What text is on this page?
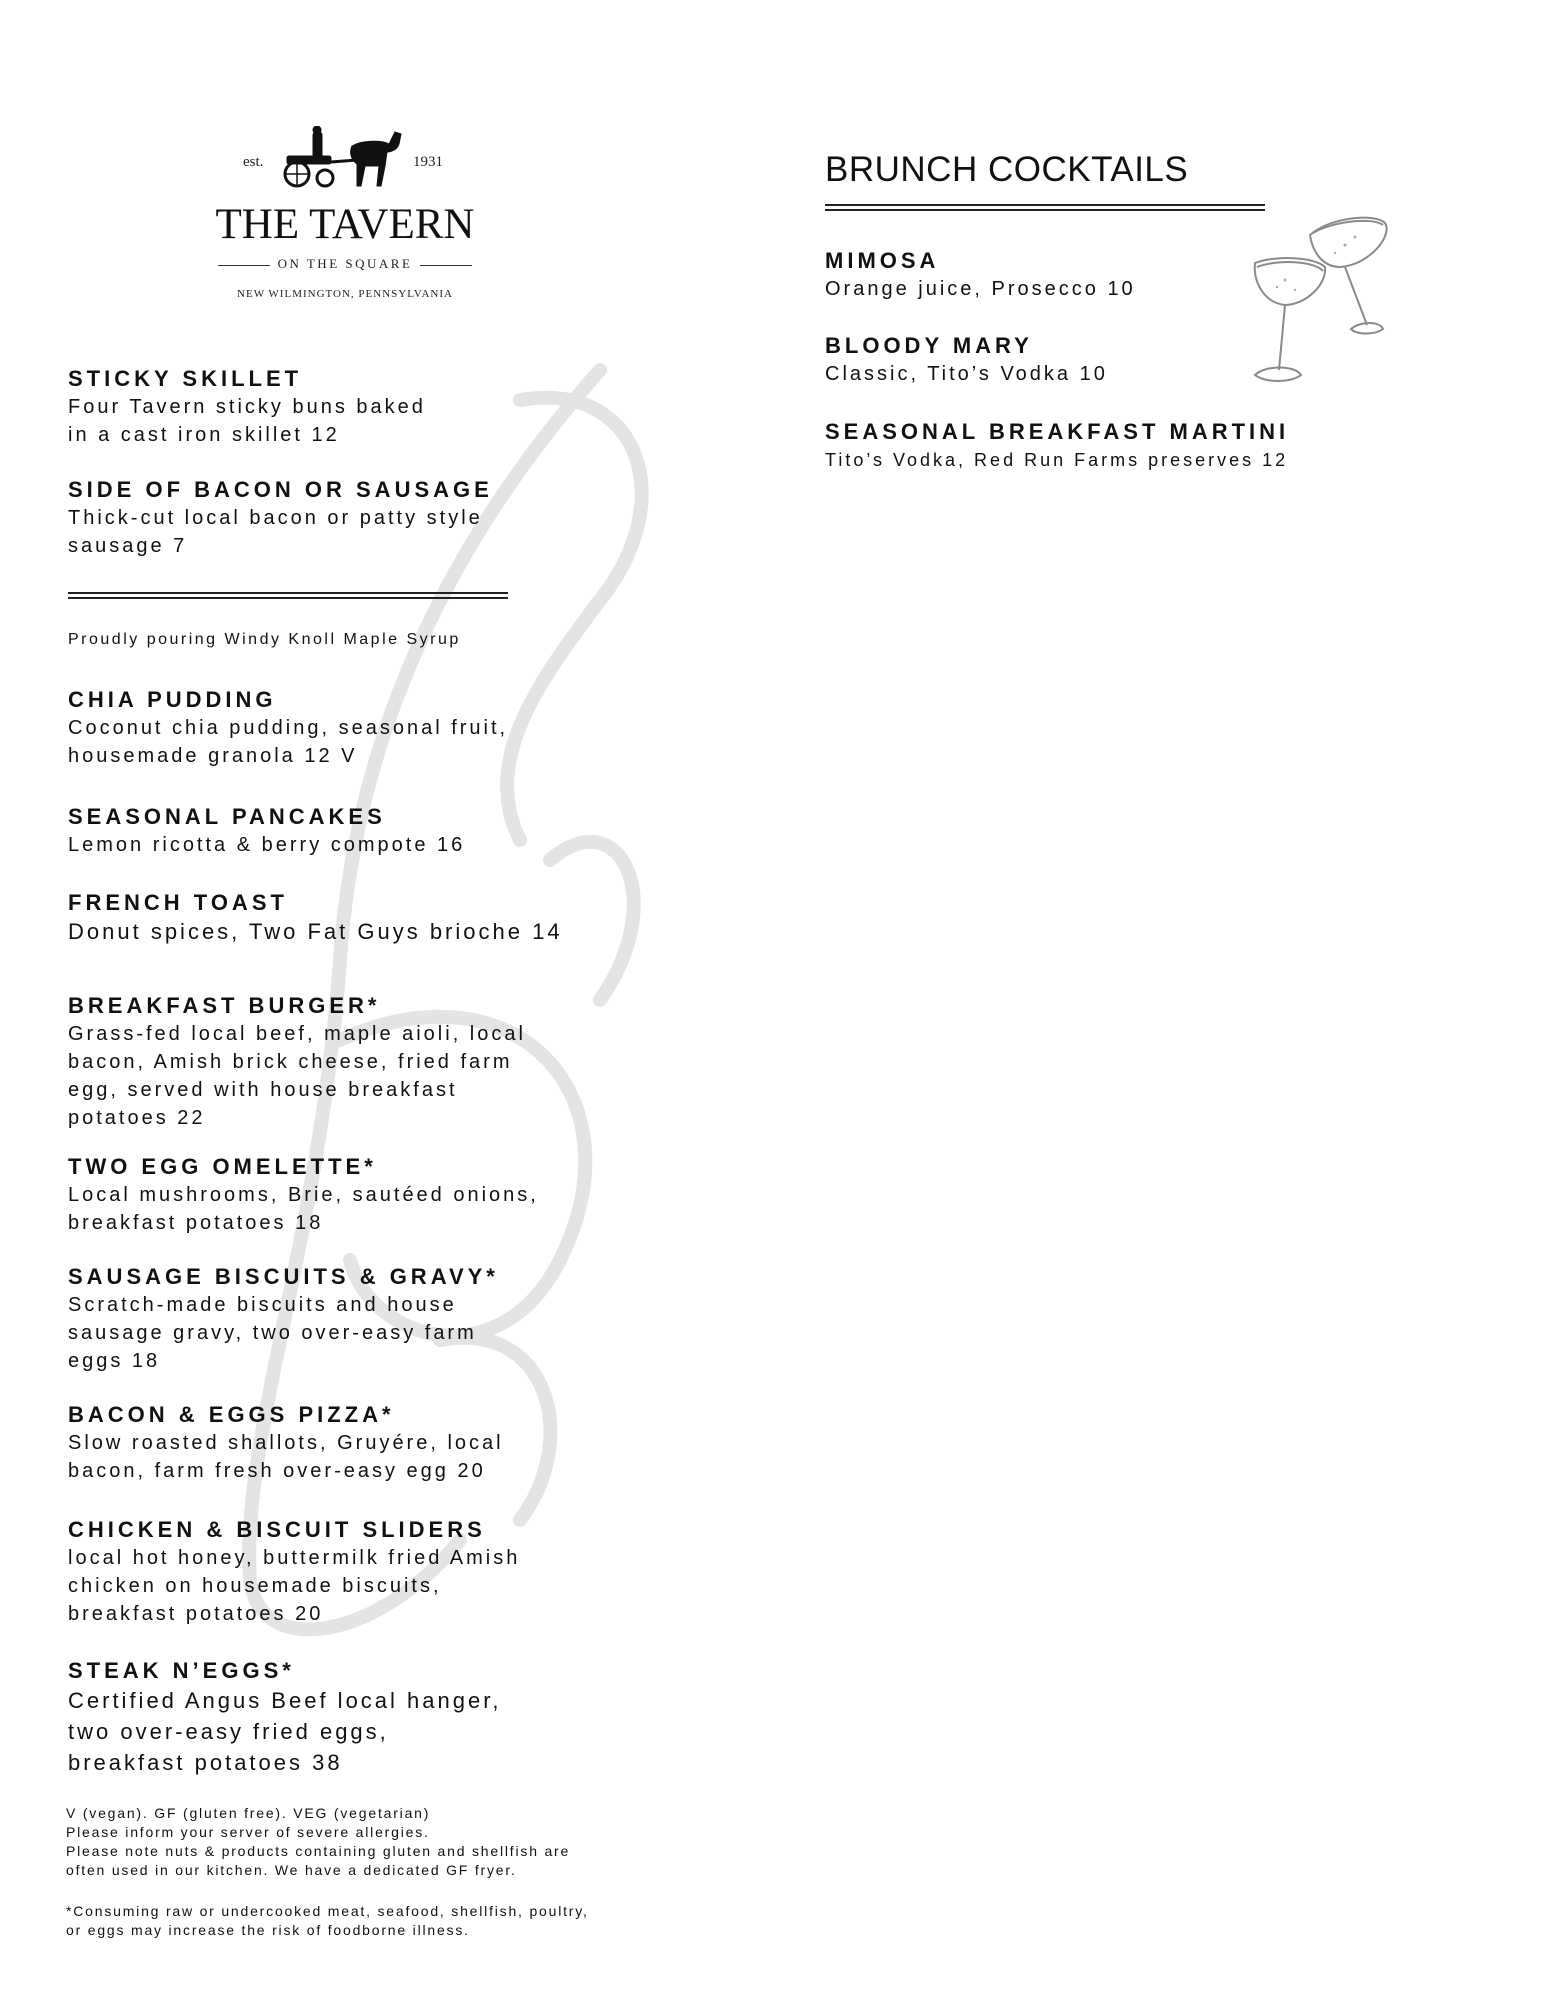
est.	1931
THE TAVERN
ON THE SQUARE
NEW WILMINGTON, PENNSYLVANIA
STICKY SKILLET
Four Tavern sticky buns baked
in a cast iron skillet 12
SIDE OF BACON OR SAUSAGE
Thick-cut local bacon or patty style
sausage 7
Proudly pouring Windy Knoll Maple Syrup
CHIA PUDDING
Coconut chia pudding, seasonal fruit,
housemade granola 12 V
SEASONAL PANCAKES
Lemon ricotta & berry compote 16
FRENCH TOAST
Donut spices, Two Fat Guys brioche 14
BREAKFAST BURGER*
Grass-fed local beef, maple aioli, local
bacon, Amish brick cheese, fried farm
egg, served with house breakfast
potatoes 22
TWO EGG OMELETTE*
Local mushrooms, Brie, sautéed onions,
breakfast potatoes 18
SAUSAGE BISCUITS & GRAVY*
Scratch-made biscuits and house
sausage gravy, two over-easy farm
eggs 18
BACON & EGGS PIZZA*
Slow roasted shallots, Gruyére, local
bacon, farm fresh over-easy egg 20
CHICKEN & BISCUIT SLIDERS
local hot honey, buttermilk fried Amish
chicken on housemade biscuits,
breakfast potatoes 20
STEAK N’EGGS*
Certified Angus Beef local hanger,
two over-easy fried eggs,
breakfast potatoes 38
V (vegan). GF (gluten free). VEG (vegetarian)
Please inform your server of severe allergies.
Please note nuts & products containing gluten and shellfish are
often used in our kitchen. We have a dedicated GF fryer.
*Consuming raw or undercooked meat, seafood, shellfish, poultry,
or eggs may increase the risk of foodborne illness.
BRUNCH COCKTAILS
MIMOSA
Orange juice, Prosecco 10
BLOODY MARY
Classic, Tito’s Vodka 10
SEASONAL BREAKFAST MARTINI
Tito’s Vodka, Red Run Farms preserves 12
